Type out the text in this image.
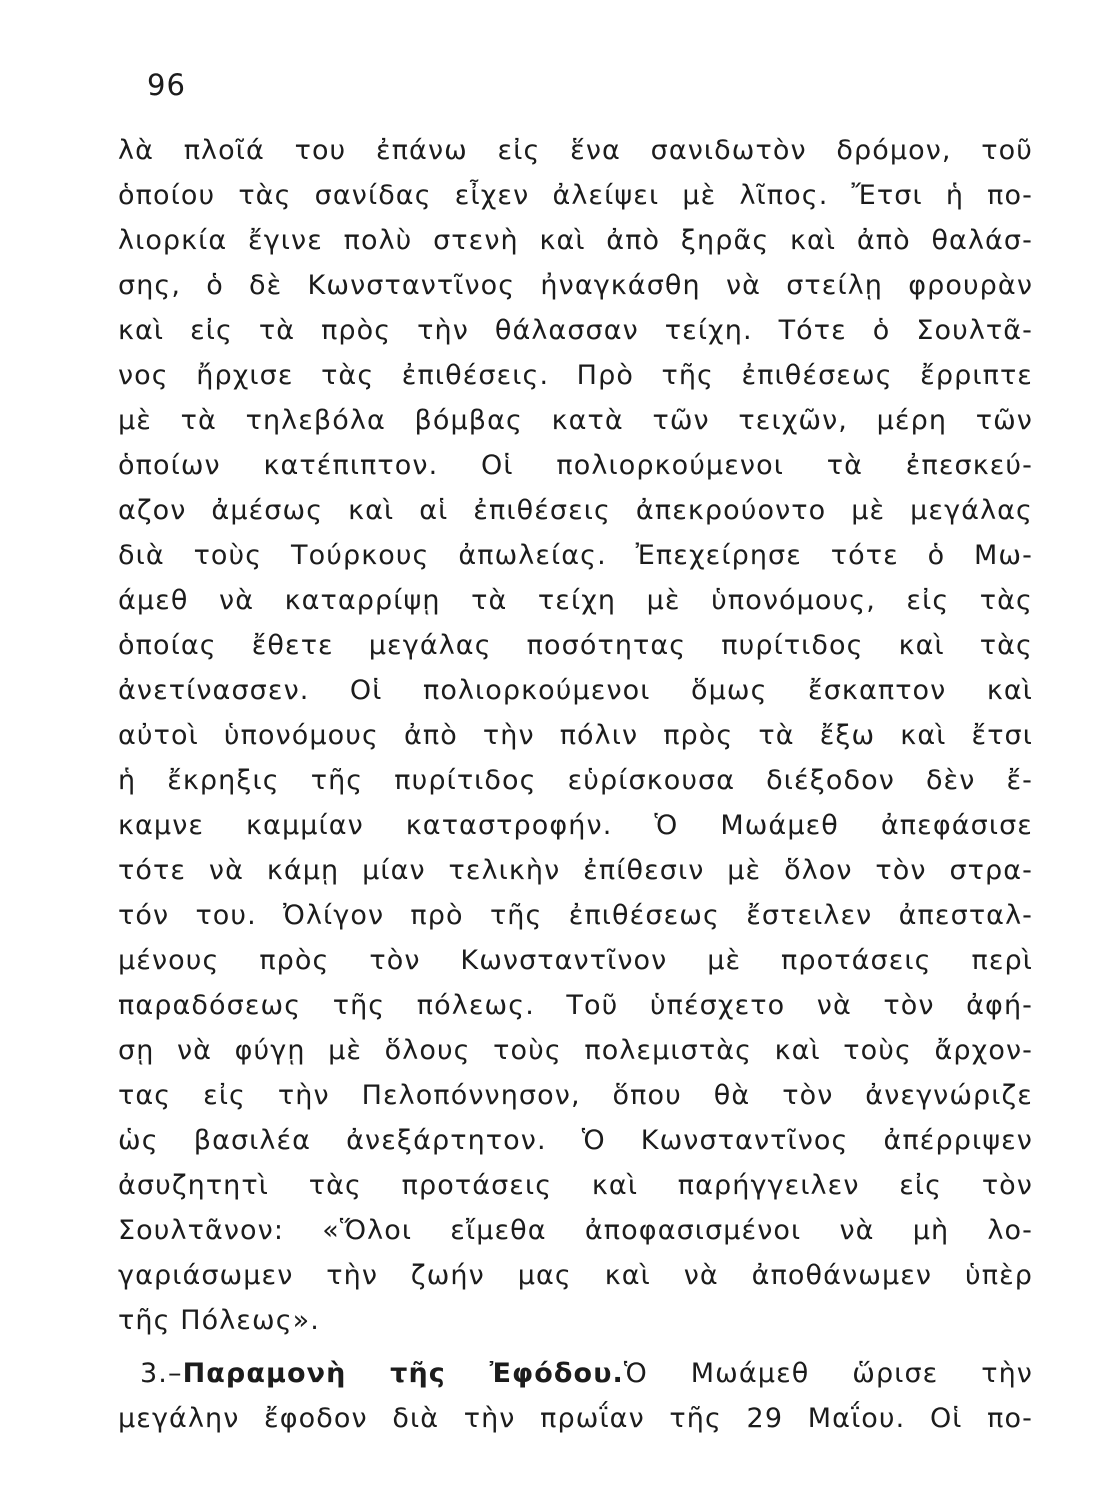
96
λὰ πλοῖά του ἐπάνω εἰς ἕνα σανιδωτὸν δρόμον, τοῦ
ὁποίου τὰς σανίδας εἶχεν ἀλείψει μὲ λῖπος. Ἔτσι ἡ πο-
λιορκία ἔγινε πολὺ στενὴ καὶ ἀπὸ ξηρᾶς καὶ ἀπὸ θαλάσ-
σης, ὁ δὲ Κωνσταντῖνος ἠναγκάσθη νὰ στείλῃ φρουρὰν
καὶ εἰς τὰ πρὸς τὴν θάλασσαν τείχη. Τότε ὁ Σουλτᾶ-
νος ἤρχισε τὰς ἐπιθέσεις. Πρὸ τῆς ἐπιθέσεως ἔρριπτε
μὲ τὰ τηλεβόλα βόμβας κατὰ τῶν τειχῶν, μέρη τῶν
ὁποίων κατέπιπτον. Οἱ πολιορκούμενοι τὰ ἐπεσκεύ-
αζον ἀμέσως καὶ αἱ ἐπιθέσεις ἀπεκρούοντο μὲ μεγάλας
διὰ τοὺς Τούρκους ἀπωλείας. Ἐπεχείρησε τότε ὁ Μω-
άμεθ νὰ καταρρίψῃ τὰ τείχη μὲ ὑπονόμους, εἰς τὰς
ὁποίας ἔθετε μεγάλας ποσότητας πυρίτιδος καὶ τὰς
ἀνετίνασσεν. Οἱ πολιορκούμενοι ὅμως ἔσκαπτον καὶ
αὐτοὶ ὑπονόμους ἀπὸ τὴν πόλιν πρὸς τὰ ἔξω καὶ ἔτσι
ἡ ἔκρηξις τῆς πυρίτιδος εὑρίσκουσα διέξοδον δὲν ἔ-
καμνε καμμίαν καταστροφήν. Ὁ Μωάμεθ ἀπεφάσισε
τότε νὰ κάμῃ μίαν τελικὴν ἐπίθεσιν μὲ ὅλον τὸν στρα-
τόν του. Ὀλίγον πρὸ τῆς ἐπιθέσεως ἔστειλεν ἀπεσταλ-
μένους πρὸς τὸν Κωνσταντῖνον μὲ προτάσεις περὶ
παραδόσεως τῆς πόλεως. Τοῦ ὑπέσχετο νὰ τὸν ἀφή-
σῃ νὰ φύγῃ μὲ ὅλους τοὺς πολεμιστὰς καὶ τοὺς ἄρχον-
τας εἰς τὴν Πελοπόννησον, ὅπου θὰ τὸν ἀνεγνώριζε
ὡς βασιλέα ἀνεξάρτητον. Ὁ Κωνσταντῖνος ἀπέρριψεν
ἀσυζητητὶ τὰς προτάσεις καὶ παρήγγειλεν εἰς τὸν
Σουλτᾶνον: «Ὅλοι εἴμεθα ἀποφασισμένοι νὰ μὴ λο-
γαριάσωμεν τὴν ζωήν μας καὶ νὰ ἀποθάνωμεν ὑπὲρ
τῆς Πόλεως».
3.–Παραμονὴ τῆς Ἐφόδου.Ὁ Μωάμεθ ὥρισε τὴν
μεγάλην ἔφοδον διὰ τὴν πρωΐαν τῆς 29 Μαΐου. Οἱ πο-
